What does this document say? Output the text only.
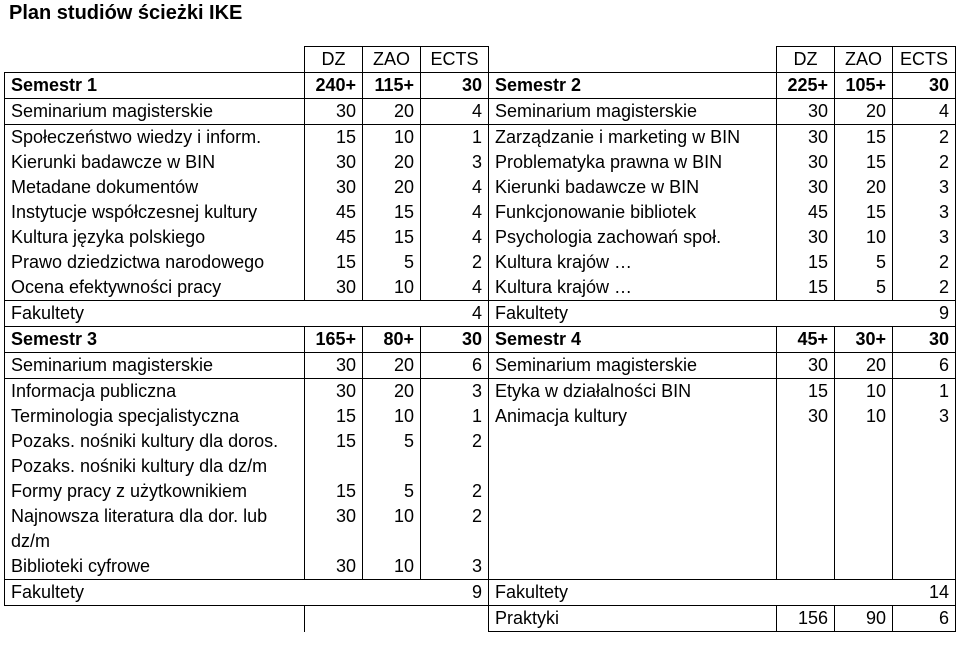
Plan studiów ścieżki IKE
	DZ	ZAO	ECTS		DZ	ZAO	ECTS
Semestr 1	240+	115+	30	Semestr 2	225+	105+	30
Seminarium magisterskie	30	20	4	Seminarium magisterskie	30	20	4
Społeczeństwo wiedzy i inform.	15	10	1	Zarządzanie i marketing w BIN	30	15	2
Kierunki badawcze w BIN	30	20	3	Problematyka prawna w BIN	30	15	2
Metadane dokumentów	30	20	4	Kierunki badawcze w BIN	30	20	3
Instytucje współczesnej kultury	45	15	4	Funkcjonowanie bibliotek	45	15	3
Kultura języka polskiego	45	15	4	Psychologia zachowań społ.	30	10	3
Prawo dziedzictwa narodowego	15	5	2	Kultura krajów …	15	5	2
Ocena efektywności pracy	30	10	4	Kultura krajów …	15	5	2
Fakultety			4	Fakultety			9
Semestr 3	165+	80+	30	Semestr 4	45+	30+	30
Seminarium magisterskie	30	20	6	Seminarium magisterskie	30	20	6
Informacja publiczna	30	20	3	Etyka w działalności BIN	15	10	1
Terminologia specjalistyczna	15	10	1	Animacja kultury	30	10	3
Pozaks. nośniki kultury dla doros.	15	5	2				
Pozaks. nośniki kultury dla dz/m							
Formy pracy z użytkownikiem	15	5	2				
Najnowsza literatura dla dor. lub	30	10	2				
dz/m							
Biblioteki cyfrowe	30	10	3				
Fakultety			9	Fakultety			14
				Praktyki	156	90	6
